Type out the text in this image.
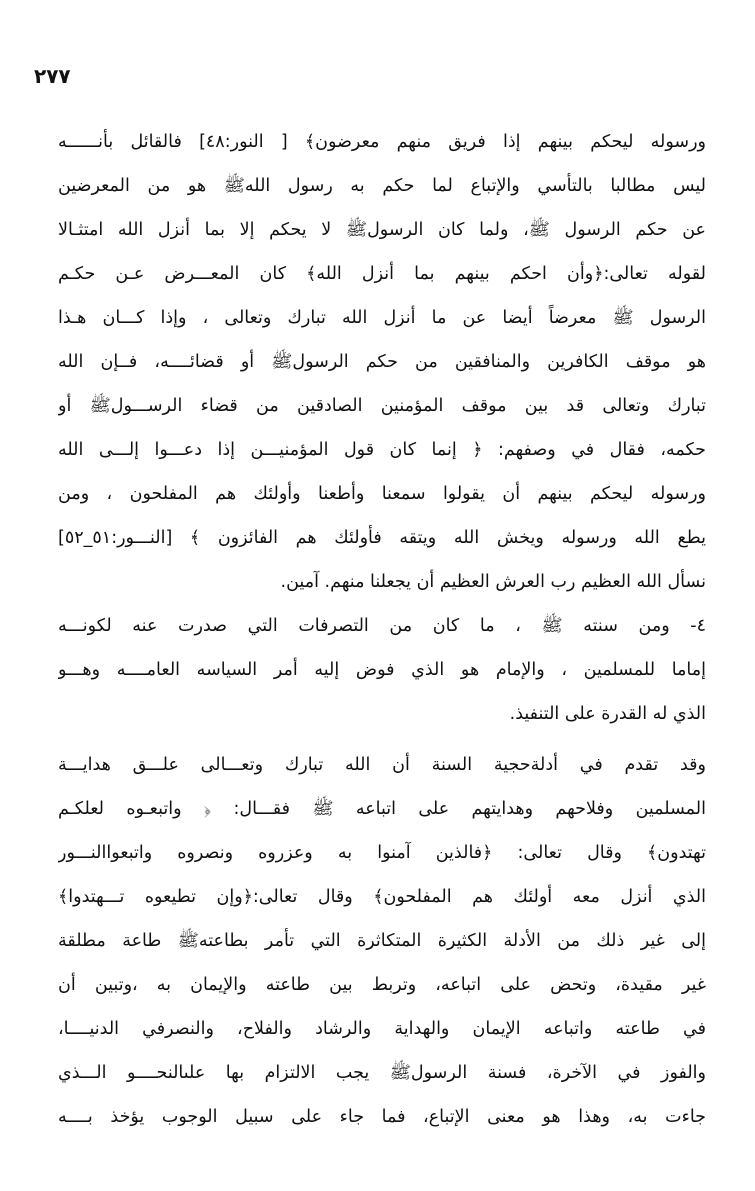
٢٧٧
ورسوله ليحكم بينهم إذا فريق منهم معرضون﴾ [ النور:٤٨] فالقائل بأنــــــه
ليس مطالبا بالتأسي والإتباع لما حكم به رسول اللهﷺ هو من المعرضين
عن حكم الرسول ﷺ، ولما كان الرسولﷺ لا يحكم إلا بما أنزل الله امتثـالا
لقوله تعالى:﴿وأن احكم بينهم بما أنزل الله﴾ كان المعـــرض عـن حكـم
الرسول ﷺ معرضاً أيضا عن ما أنزل الله تبارك وتعالى ، وإذا كـــان هـذا
هو موقف الكافرين والمنافقين من حكم الرسولﷺ أو قضائــــه، فــإن الله
تبارك وتعالى قد بين موقف المؤمنين الصادقين من قضاء الرســـولﷺ أو
حكمه، فقال في وصفهم: ﴿ إنما كان قول المؤمنيـــن إذا دعـــوا إلـــى الله
ورسوله ليحكم بينهم أن يقولوا سمعنا وأطعنا وأولئك هم المفلحون ، ومن
يطع الله ورسوله ويخش الله ويتقه فأولئك هم الفائزون ﴾ [النـــور:٥١_٥٢]
نسأل الله العظيم رب العرش العظيم أن يجعلنا منهم. آمين.
٤- ومن سنته ﷺ ، ما كان من التصرفات التي صدرت عنه لكونـــه
إماما للمسلمين ، والإمام هو الذي فوض إليه أمر السياسه العامــــه وهـــو
الذي له القدرة على التنفيذ.
وقد تقدم في أدلةحجية السنة أن الله تبارك وتعـــالى علـــق هدايـــة
المسلمين وفلاحهم وهدايتهم على اتباعه ﷺ فقـــال: ﴿ واتبعـوه لعلكـم
تهتدون﴾ وقال تعالى: ﴿فالذين آمنوا به وعزروه ونصروه واتبعواالنـــور
الذي أنزل معه أولئك هم المفلحون﴾ وقال تعالى:﴿وإن تطيعوه تـــهتدوا﴾
إلى غير ذلك من الأدلة الكثيرة المتكاثرة التي تأمر بطاعتهﷺ طاعة مطلقة
غير مقيدة، وتحض على اتباعه، وتربط بين طاعته والإيمان به ،وتبين أن
في طاعته واتباعه الإيمان والهداية والرشاد والفلاح، والنصرفي الدنيــــا،
والفوز في الآخرة، فسنة الرسولﷺ يجب الالتزام بها علىالنحــــو الـــذي
جاءت به، وهذا هو معنى الإتباع، فما جاء على سبيل الوجوب يؤخذ بــــه
